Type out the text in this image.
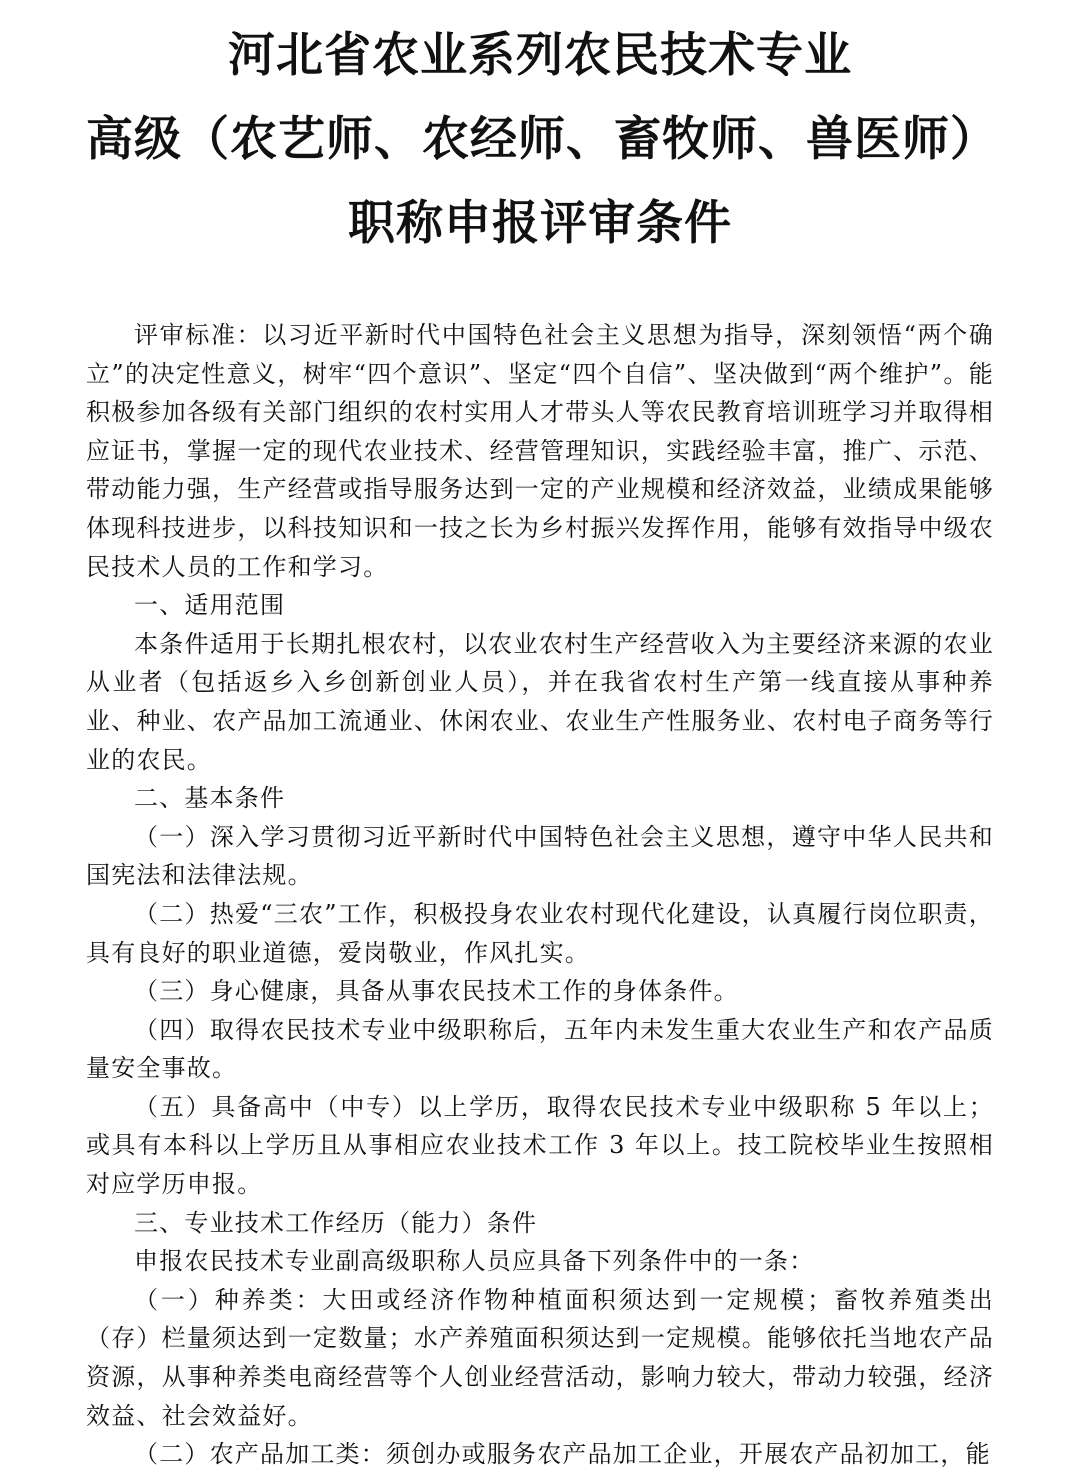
河北省农业系列农民技术专业
高级（农艺师、农经师、畜牧师、兽医师）
职称申报评审条件

评审标准：以习近平新时代中国特色社会主义思想为指导，深刻领悟“两个确立”的决定性意义，树牢“四个意识”、坚定“四个自信”、坚决做到“两个维护”。能积极参加各级有关部门组织的农村实用人才带头人等农民教育培训班学习并取得相应证书，掌握一定的现代农业技术、经营管理知识，实践经验丰富，推广、示范、带动能力强，生产经营或指导服务达到一定的产业规模和经济效益，业绩成果能够体现科技进步，以科技知识和一技之长为乡村振兴发挥作用，能够有效指导中级农民技术人员的工作和学习。

一、适用范围

本条件适用于长期扎根农村，以农业农村生产经营收入为主要经济来源的农业从业者（包括返乡入乡创新创业人员），并在我省农村生产第一线直接从事种养业、种业、农产品加工流通业、休闲农业、农业生产性服务业、农村电子商务等行业的农民。

二、基本条件

（一）深入学习贯彻习近平新时代中国特色社会主义思想，遵守中华人民共和国宪法和法律法规。

（二）热爱“三农”工作，积极投身农业农村现代化建设，认真履行岗位职责，具有良好的职业道德，爱岗敬业，作风扎实。

（三）身心健康，具备从事农民技术工作的身体条件。

（四）取得农民技术专业中级职称后，五年内未发生重大农业生产和农产品质量安全事故。

（五）具备高中（中专）以上学历，取得农民技术专业中级职称 5 年以上；或具有本科以上学历且从事相应农业技术工作 3 年以上。技工院校毕业生按照相对应学历申报。

三、专业技术工作经历（能力）条件

申报农民技术专业副高级职称人员应具备下列条件中的一条：

（一）种养类：大田或经济作物种植面积须达到一定规模；畜牧养殖类出（存）栏量须达到一定数量；水产养殖面积须达到一定规模。能够依托当地农产品资源，从事种养类电商经营等个人创业经营活动，影响力较大，带动力较强，经济效益、社会效益好。

（二）农产品加工类：须创办或服务农产品加工企业，开展农产品初加工，能
